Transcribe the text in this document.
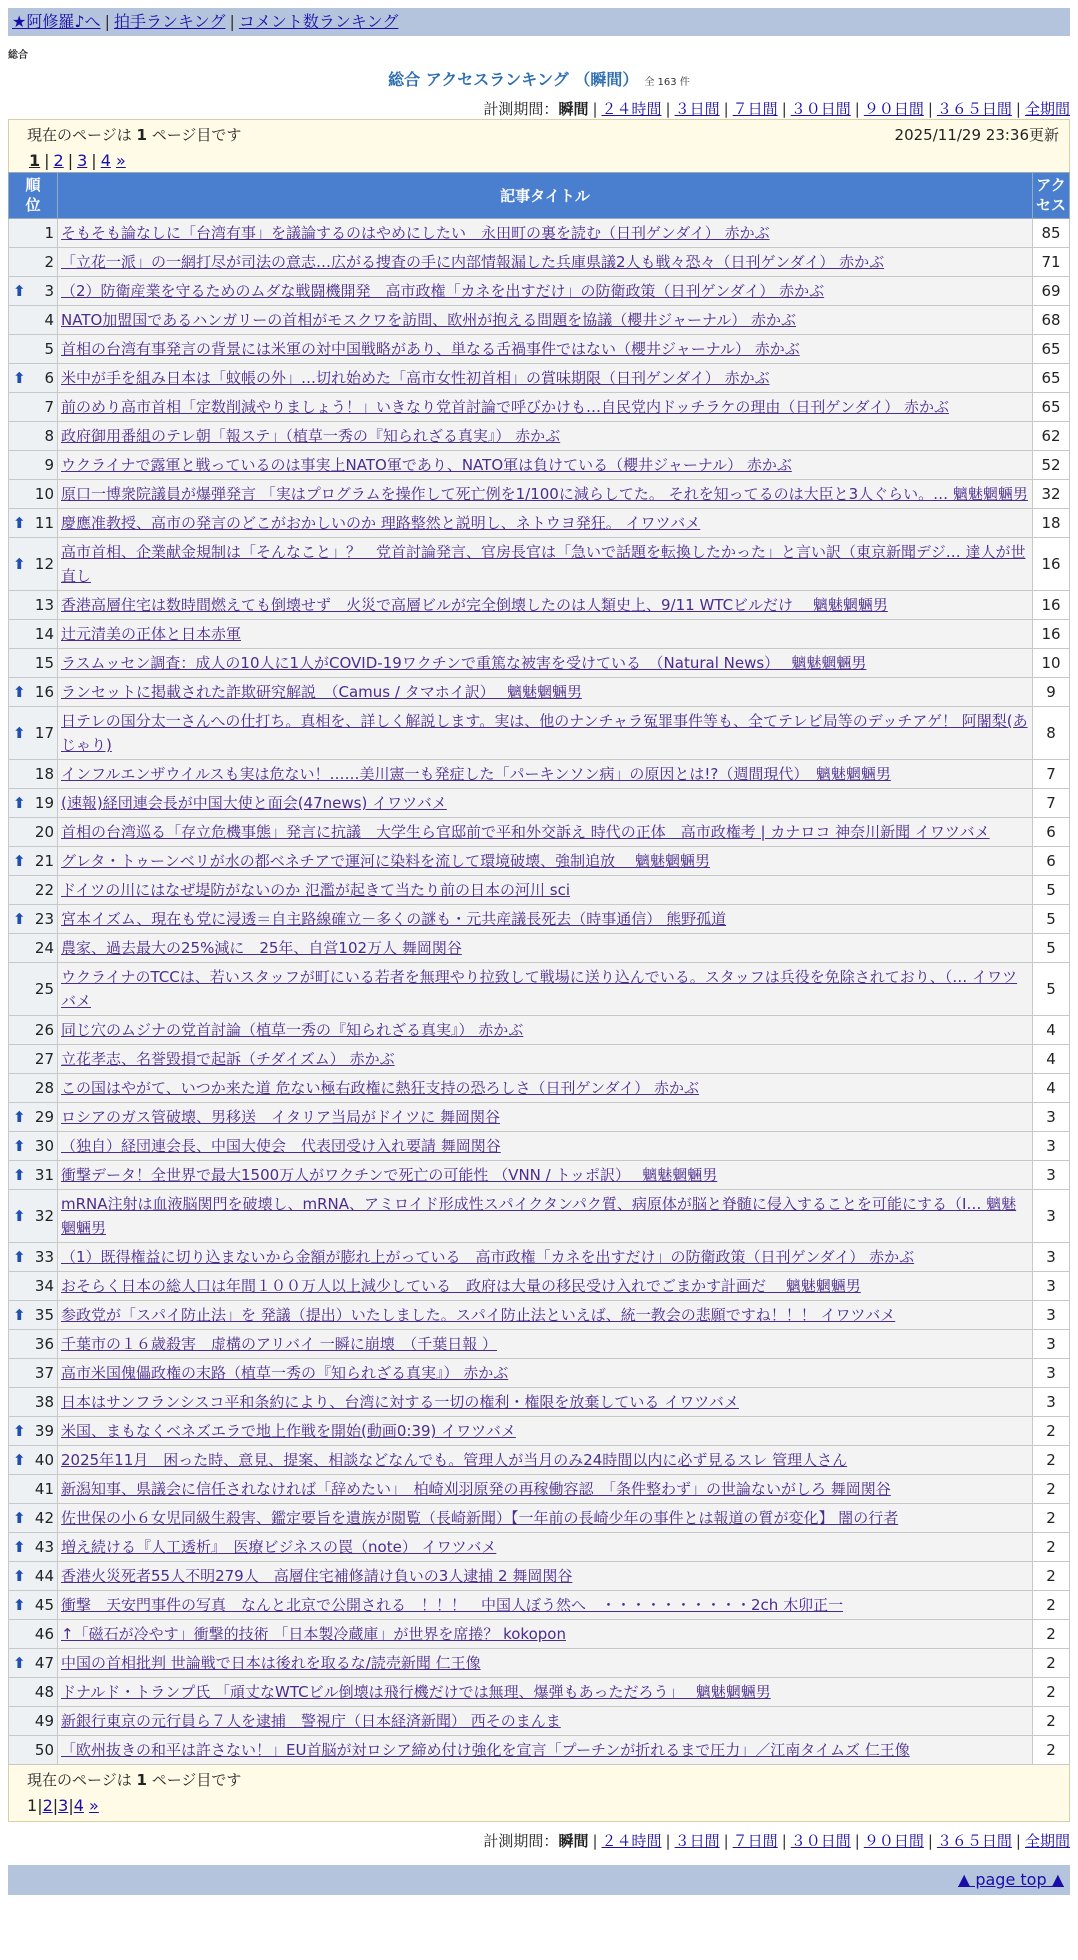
★阿修羅♪へ | 拍手ランキング | コメント数ランキング
総合
総合 アクセスランキング （瞬間） 全 163 件
計測期間：瞬間 | ２４時間 | ３日間 | ７日間 | ３０日間 | ９０日間 | ３６５日間 | 全期間
現在のページは 1 ページ目です	2025/11/29 23:36更新
1 | 2 | 3 | 4 »
順位	記事タイトル	アクセス
1	そもそも論なしに「台湾有事」を議論するのはやめにしたい　永田町の裏を読む（日刊ゲンダイ） 赤かぶ	85
2	「立花一派」の一網打尽が司法の意志…広がる捜査の手に内部情報漏した兵庫県議2人も戦々恐々（日刊ゲンダイ） 赤かぶ	71

⬆ 3	（2）防衛産業を守るためのムダな戦闘機開発　高市政権「カネを出すだけ」の防衛政策（日刊ゲンダイ） 赤かぶ	69
4	NATO加盟国であるハンガリーの首相がモスクワを訪問、欧州が抱える問題を協議（櫻井ジャーナル） 赤かぶ	68
5	首相の台湾有事発言の背景には米軍の対中国戦略があり、単なる舌禍事件ではない（櫻井ジャーナル） 赤かぶ	65

⬆ 6	米中が手を組み日本は「蚊帳の外」…切れ始めた「高市女性初首相」の賞味期限（日刊ゲンダイ） 赤かぶ	65
7	前のめり高市首相「定数削減やりましょう！」いきなり党首討論で呼びかけも…自民党内ドッチラケの理由（日刊ゲンダイ） 赤かぶ	65
8	政府御用番組のテレ朝「報ステ」（植草一秀の『知られざる真実』） 赤かぶ	62
9	ウクライナで露軍と戦っているのは事実上NATO軍であり、NATO軍は負けている（櫻井ジャーナル） 赤かぶ	52
10	原口一博衆院議員が爆弾発言 「実はプログラムを操作して死亡例を1/100に減らしてた。 それを知ってるのは大臣と3人ぐらい。… 魑魅魍魎男	32

⬆ 11	慶應准教授、高市の発言のどこがおかしいのか 理路整然と説明し、ネトウヨ発狂。 イワツバメ	18

⬆ 12	高市首相、企業献金規制は「そんなこと」？　党首討論発言、官房長官は「急いで話題を転換したかった」と言い訳（東京新聞デジ… 達人が世直し	16
13	香港高層住宅は数時間燃えても倒壊せず　火災で高層ビルが完全倒壊したのは人類史上、9/11 WTCビルだけ　 魑魅魍魎男	16
14	辻元清美の正体と日本赤軍	16
15	ラスムッセン調査：成人の10人に1人がCOVID-19ワクチンで重篤な被害を受けている　（Natural News）　 魑魅魍魎男	10

⬆ 16	ランセットに掲載された詐欺研究解説　（Camus / タマホイ訳）　 魑魅魍魎男	9

⬆ 17	日テレの国分太一さんへの仕打ち。真相を、詳しく解説します。実は、他のナンチャラ冤罪事件等も、全てテレビ局等のデッチアゲ！ 阿闍梨(あじゃり)	8
18	インフルエンザウイルスも実は危ない！……美川憲一も発症した「パーキンソン病」の原因とは!?（週間現代）　魑魅魍魎男	7

⬆ 19	(速報)経団連会長が中国大使と面会(47news) イワツバメ	7
20	首相の台湾巡る「存立危機事態」発言に抗議　大学生ら官邸前で平和外交訴え 時代の正体　高市政権考 | カナロコ 神奈川新聞 イワツバメ	6

⬆ 21	グレタ・トゥーンベリが水の都ベネチアで運河に染料を流して環境破壊、強制追放　 魑魅魍魎男	6
22	ドイツの川にはなぜ堤防がないのか 氾濫が起きて当たり前の日本の河川 sci	5

⬆ 23	宮本イズム、現在も党に浸透＝自主路線確立－多くの謎も・元共産議長死去（時事通信） 熊野孤道	5
24	農家、過去最大の25%減に　25年、自営102万人 舞岡関谷	5
25	ウクライナのTCCは、若いスタッフが町にいる若者を無理やり拉致して戦場に送り込んでいる。スタッフは兵役を免除されており、（… イワツバメ	5
26	同じ穴のムジナの党首討論（植草一秀の『知られざる真実』） 赤かぶ	4
27	立花孝志、名誉毀損で起訴（チダイズム） 赤かぶ	4
28	この国はやがて、いつか来た道 危ない極右政権に熱狂支持の恐ろしさ（日刊ゲンダイ） 赤かぶ	4

⬆ 29	ロシアのガス管破壊、男移送　イタリア当局がドイツに 舞岡関谷	3

⬆ 30	（独自）経団連会長、中国大使会　代表団受け入れ要請 舞岡関谷	3

⬆ 31	衝撃データ！全世界で最大1500万人がワクチンで死亡の可能性 （VNN / トッポ訳）　 魑魅魍魎男	3

⬆ 32	mRNA注射は血液脳関門を破壊し、mRNA、アミロイド形成性スパイクタンパク質、病原体が脳と脊髄に侵入することを可能にする（I… 魑魅魍魎男	3

⬆ 33	（1）既得権益に切り込まないから金額が膨れ上がっている　高市政権「カネを出すだけ」の防衛政策（日刊ゲンダイ） 赤かぶ	3
34	おそらく日本の総人口は年間１００万人以上減少している　政府は大量の移民受け入れでごまかす計画だ　 魑魅魍魎男	3

⬆ 35	参政党が「スパイ防止法」を 発議（提出）いたしました。スパイ防止法といえば、統一教会の悲願ですね！！！ イワツバメ	3
36	千葉市の１６歳殺害　虚構のアリバイ 一瞬に崩壊　（千葉日報 ）	3
37	高市米国傀儡政権の末路（植草一秀の『知られざる真実』） 赤かぶ	3
38	日本はサンフランシスコ平和条約により、台湾に対する一切の権利・権限を放棄している イワツバメ	3

⬆ 39	米国、まもなくベネズエラで地上作戦を開始(動画0:39) イワツバメ	2

⬆ 40	2025年11月　困った時、意見、提案、相談などなんでも。管理人が当月のみ24時間以内に必ず見るスレ 管理人さん	2
41	新潟知事、県議会に信任されなければ「辞めたい」　柏崎刈羽原発の再稼働容認　「条件整わず」の世論ないがしろ 舞岡関谷	2

⬆ 42	佐世保の小６女児同級生殺害、鑑定要旨を遺族が閲覧（長崎新聞）【一年前の長崎少年の事件とは報道の質が変化】 闇の行者	2

⬆ 43	増え続ける『人工透析』　医療ビジネスの罠（note） イワツバメ	2

⬆ 44	香港火災死者55人不明279人　高層住宅補修請け負いの3人逮捕 2 舞岡関谷	2

⬆ 45	衝撃　天安門事件の写真　なんと北京で公開される　！！！　中国人ぼう然へ　・・・・・・・・・・2ch 木卯正一	2
46	↑「磁石が冷やす」衝撃的技術 「日本製冷蔵庫」が世界を席捲？ kokopon	2

⬆ 47	中国の首相批判 世論戦で日本は後れを取るな/読売新聞 仁王像	2
48	ドナルド・トランプ氏 「頑丈なWTCビル倒壊は飛行機だけでは無理、爆弾もあっただろう」　 魑魅魍魎男	2
49	新銀行東京の元行員ら７人を逮捕　警視庁（日本経済新聞） 西そのまんま	2
50	「欧州抜きの和平は許さない！」EU首脳が対ロシア締め付け強化を宣言「プーチンが折れるまで圧力」／江南タイムズ 仁王像	2
現在のページは 1 ページ目です
1|2|3|4 »
計測期間：瞬間 | ２４時間 | ３日間 | ７日間 | ３０日間 | ９０日間 | ３６５日間 | 全期間
▲ page top ▲
